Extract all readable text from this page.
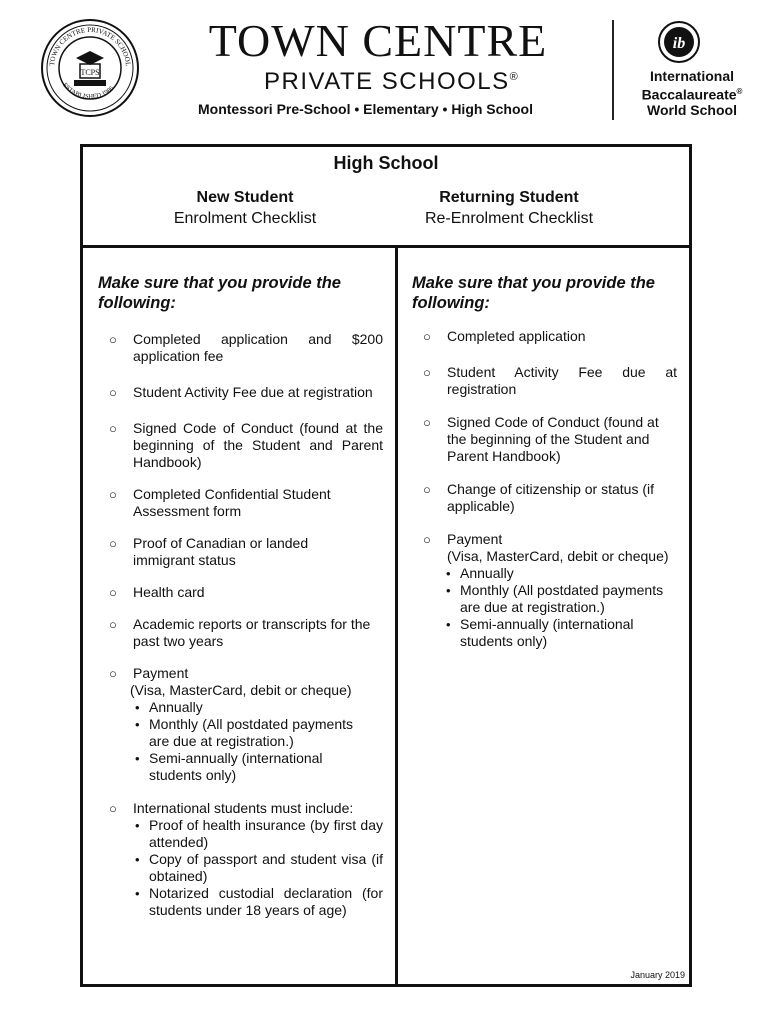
TOWN CENTRE PRIVATE SCHOOL
ESTABLISHED 1986
TCPS
TOWN CENTRE
PRIVATE SCHOOLS®
Montessori Pre-School • Elementary • High School
ib
International
Baccalaureate®
World School
High School
New Student
Enrolment Checklist
Returning Student
Re-Enrolment Checklist
Make sure that you provide the following:
○ Completed application and $200 application fee
○ Student Activity Fee due at registration
○ Signed Code of Conduct (found at the beginning of the Student and Parent Handbook)
○ Completed Confidential Student Assessment form
○ Proof of Canadian or landed immigrant status
○ Health card
○ Academic reports or transcripts for the past two years
○ Payment
(Visa, MasterCard, debit or cheque)
• Annually
• Monthly (All postdated payments are due at registration.)
• Semi-annually (international students only)
○ International students must include:
• Proof of health insurance (by first day attended)
• Copy of passport and student visa (if obtained)
• Notarized custodial declaration (for students under 18 years of age)
Make sure that you provide the following:
○ Completed application
○ Student Activity Fee due at registration
○ Signed Code of Conduct (found at the beginning of the Student and Parent Handbook)
○ Change of citizenship or status (if applicable)
○ Payment
(Visa, MasterCard, debit or cheque)
• Annually
• Monthly (All postdated payments are due at registration.)
• Semi-annually (international students only)
January 2019
